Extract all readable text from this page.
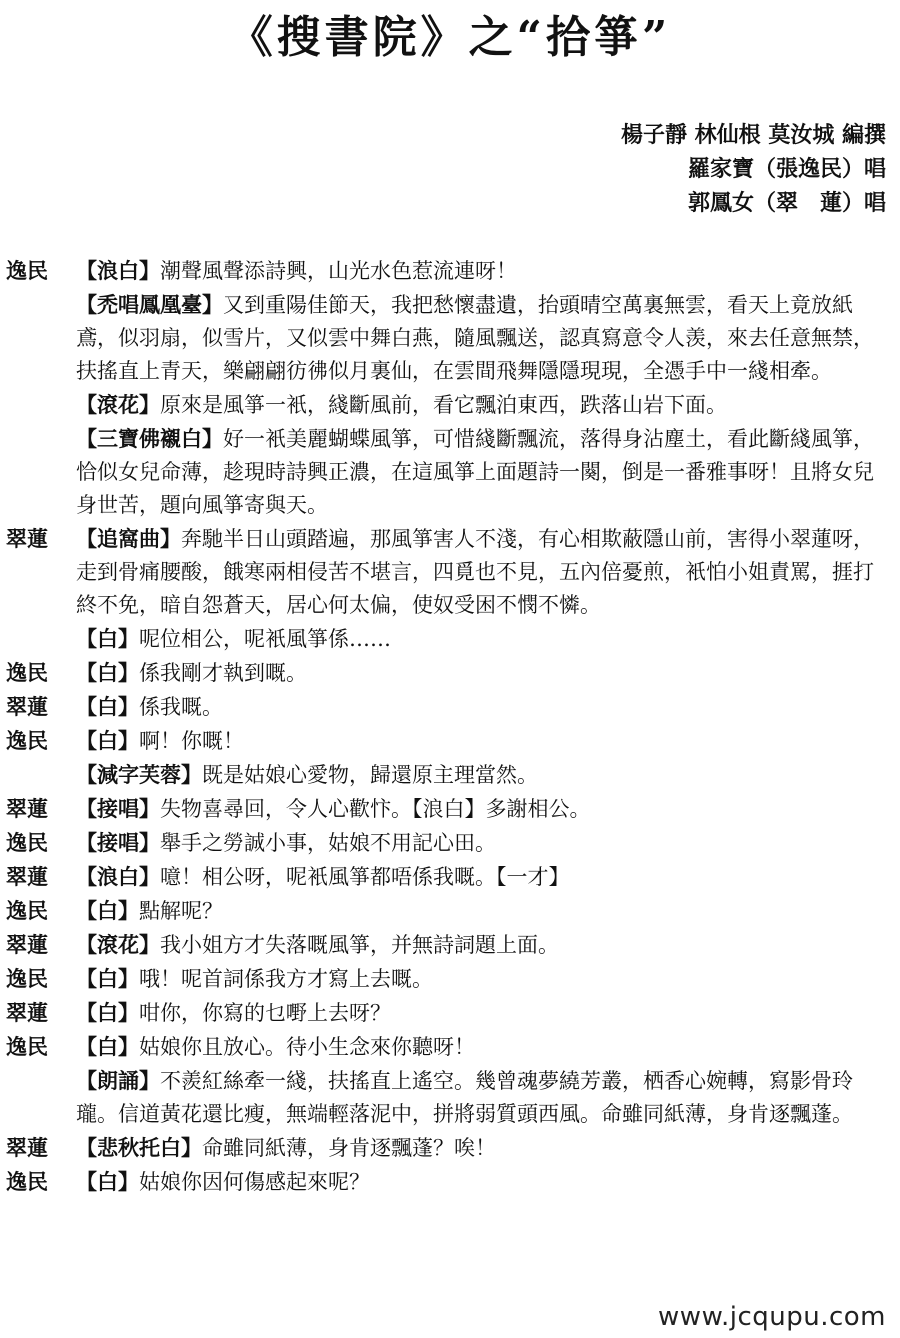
《搜書院》之“拾箏”
楊子靜 林仙根 莫汝城 編撰
羅家寶（張逸民）唱
郭鳳女（翠　蓮）唱
逸民	【浪白】潮聲風聲添詩興，山光水色惹流連呀！
【禿唱鳳凰臺】又到重陽佳節天，我把愁懷盡遺，抬頭晴空萬裏無雲，看天上竟放紙鳶，似羽扇，似雪片，又似雲中舞白燕，隨風飄送，認真寫意令人羡，來去任意無禁，扶搖直上青天，樂翩翩彷彿似月裏仙，在雲間飛舞隱隱現現，全憑手中一綫相牽。
【滾花】原來是風箏一衹，綫斷風前，看它飄泊東西，跌落山岩下面。
【三寶佛襯白】好一衹美麗蝴蝶風箏，可惜綫斷飄流，落得身沾塵土，看此斷綫風箏，恰似女兒命薄，趁現時詩興正濃，在這風箏上面題詩一闋，倒是一番雅事呀！且將女兒身世苦，題向風箏寄與天。
翠蓮	【追窩曲】奔馳半日山頭踏遍，那風箏害人不淺，有心相欺蔽隱山前，害得小翠蓮呀，走到骨痛腰酸，餓寒兩相侵苦不堪言，四覓也不見，五內倍憂煎，衹怕小姐責罵，捱打終不免，暗自怨蒼天，居心何太偏，使奴受困不憫不憐。
【白】呢位相公，呢衹風箏係……
逸民	【白】係我剛才執到嘅。
翠蓮	【白】係我嘅。
逸民	【白】啊！你嘅！
【減字芙蓉】既是姑娘心愛物，歸還原主理當然。
翠蓮	【接唱】失物喜尋回，令人心歡忭。【浪白】多謝相公。
逸民	【接唱】舉手之勞誠小事，姑娘不用記心田。
翠蓮	【浪白】噫！相公呀，呢衹風箏都唔係我嘅。【一才】
逸民	【白】點解呢？
翠蓮	【滾花】我小姐方才失落嘅風箏，并無詩詞題上面。
逸民	【白】哦！呢首詞係我方才寫上去嘅。
翠蓮	【白】咁你，你寫的乜嘢上去呀？
逸民	【白】姑娘你且放心。待小生念來你聽呀！
【朗誦】不羨紅絲牽一綫，扶搖直上遙空。幾曾魂夢繞芳叢，栖香心婉轉，寫影骨玲瓏。信道黃花還比瘦，無端輕落泥中，拼將弱質頭西風。命雖同紙薄，身肯逐飄蓬。
翠蓮	【悲秋托白】命雖同紙薄，身肯逐飄蓬？唉！
逸民	【白】姑娘你因何傷感起來呢？
www.jcqupu.com
